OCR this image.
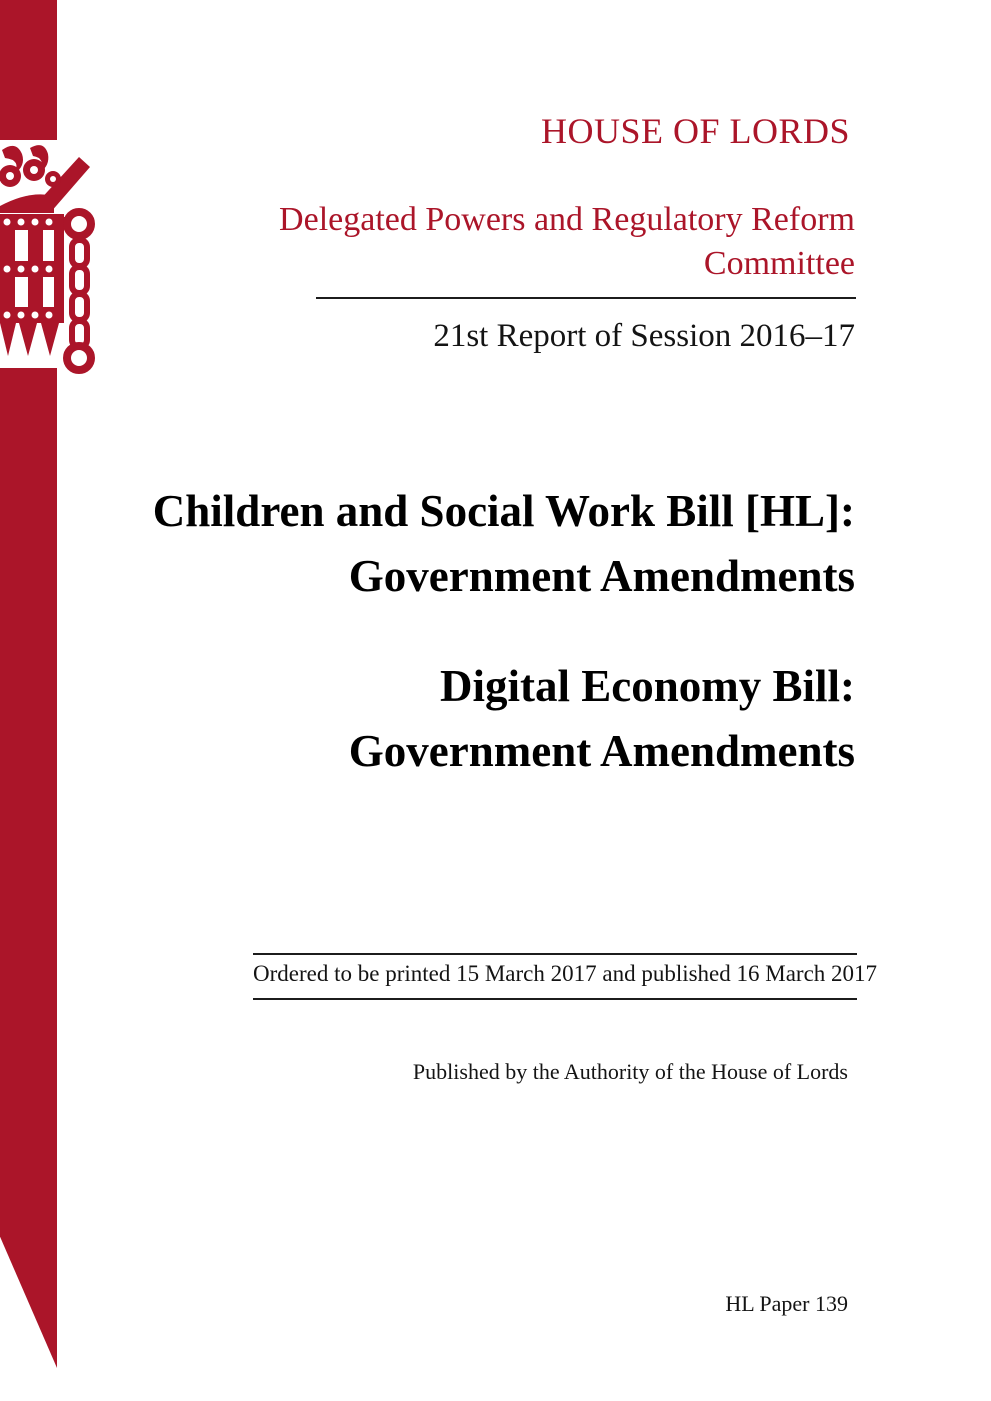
HOUSE OF LORDS
Delegated Powers and Regulatory Reform
Committee
21st Report of Session 2016–17
Children and Social Work Bill [HL]:
Government Amendments
Digital Economy Bill:
Government Amendments
Ordered to be printed 15 March 2017 and published 16 March 2017
Published by the Authority of the House of Lords
HL Paper 139
